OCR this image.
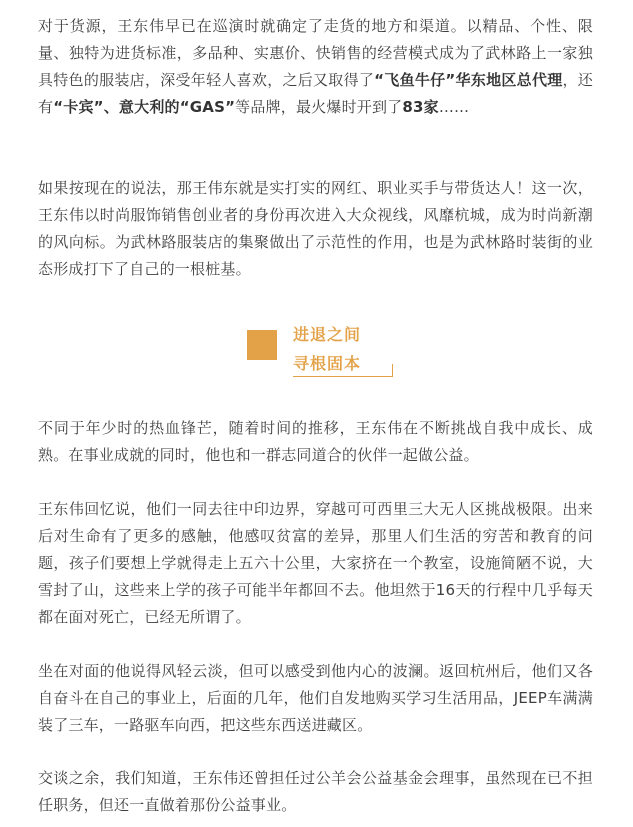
对于货源，王东伟早已在巡演时就确定了走货的地方和渠道。以精品、个性、限量、独特为进货标准，多品种、实惠价、快销售的经营模式成为了武林路上一家独具特色的服装店，深受年轻人喜欢，之后又取得了“飞鱼牛仔”华东地区总代理，还有“卡宾”、意大利的“GAS”等品牌，最火爆时开到了83家……

如果按现在的说法，那王伟东就是实打实的网红、职业买手与带货达人！这一次，王东伟以时尚服饰销售创业者的身份再次进入大众视线，风靡杭城，成为时尚新潮的风向标。为武林路服装店的集聚做出了示范性的作用，也是为武林路时装街的业态形成打下了自己的一根桩基。

进退之间
寻根固本

不同于年少时的热血锋芒，随着时间的推移，王东伟在不断挑战自我中成长、成熟。在事业成就的同时，他也和一群志同道合的伙伴一起做公益。

王东伟回忆说，他们一同去往中印边界，穿越可可西里三大无人区挑战极限。出来后对生命有了更多的感触，他感叹贫富的差异，那里人们生活的穷苦和教育的问题，孩子们要想上学就得走上五六十公里，大家挤在一个教室，设施简陋不说，大雪封了山，这些来上学的孩子可能半年都回不去。他坦然于16天的行程中几乎每天都在面对死亡，已经无所谓了。

坐在对面的他说得风轻云淡，但可以感受到他内心的波澜。返回杭州后，他们又各自奋斗在自己的事业上，后面的几年，他们自发地购买学习生活用品，JEEP车满满装了三车，一路驱车向西，把这些东西送进藏区。

交谈之余，我们知道，王东伟还曾担任过公羊会公益基金会理事，虽然现在已不担任职务，但还一直做着那份公益事业。
